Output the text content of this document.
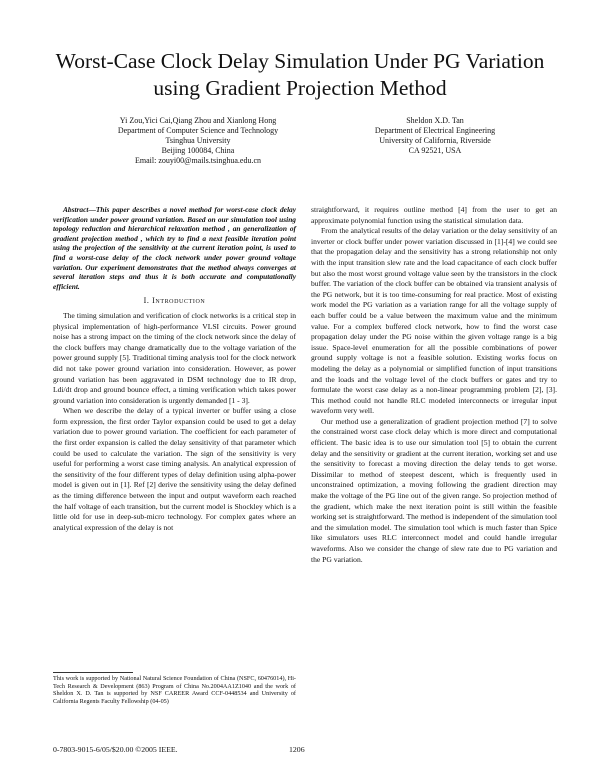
Worst-Case Clock Delay Simulation Under PG Variation using Gradient Projection Method
Yi Zou,Yici Cai,Qiang Zhou and Xianlong Hong
Department of Computer Science and Technology
Tsinghua University
Beijing 100084, China
Email: zouyi00@mails.tsinghua.edu.cn
Sheldon X.D. Tan
Department of Electrical Engineering
University of California, Riverside
CA 92521, USA

Abstract—This paper describes a novel method for worst-case clock delay verification under power ground variation. Based on our simulation tool using topology reduction and hierarchical relaxation method , an generalization of gradient projection method , which try to find a next feasible iteration point using the projection of the sensitivity at the current iteration point, is used to find a worst-case delay of the clock network under power ground voltage variation. Our experiment demonstrates that the method always converges at several iteration steps and thus it is both accurate and computationally efficient.

I. Introduction

The timing simulation and verification of clock networks is a critical step in physical implementation of high-performance VLSI circuits. Power ground noise has a strong impact on the timing of the clock network since the delay of the clock buffers may change dramatically due to the voltage variation of the power ground supply [5]. Traditional timing analysis tool for the clock network did not take power ground variation into consideration. However, as power ground variation has been aggravated in DSM technology due to IR drop, Ldi/dt drop and ground bounce effect, a timing verification which takes power ground variation into consideration is urgently demanded [1 - 3].

When we describe the delay of a typical inverter or buffer using a close form expression, the first order Taylor expansion could be used to get a delay variation due to power ground variation. The coefficient for each parameter of the first order expansion is called the delay sensitivity of that parameter which could be used to calculate the variation. The sign of the sensitivity is very useful for performing a worst case timing analysis. An analytical expression of the sensitivity of the four different types of delay definition using alpha-power model is given out in [1]. Ref [2] derive the sensitivity using the delay defined as the timing difference between the input and output waveform each reached the half voltage of each transition, but the current model is Shockley which is a little old for use in deep-sub-micro technology. For complex gates where an analytical expression of the delay is not

straightforward, it requires outline method [4] from the user to get an approximate polynomial function using the statistical simulation data.

From the analytical results of the delay variation or the delay sensitivity of an inverter or clock buffer under power variation discussed in [1]-[4] we could see that the propagation delay and the sensitivity has a strong relationship not only with the input transition slew rate and the load capacitance of each clock buffer but also the most worst ground voltage value seen by the transistors in the clock buffer. The variation of the clock buffer can be obtained via transient analysis of the PG network, but it is too time-consuming for real practice. Most of existing work model the PG variation as a variation range for all the voltage supply of each buffer could be a value between the maximum value and the minimum value. For a complex buffered clock network, how to find the worst case propagation delay under the PG noise within the given voltage range is a big issue. Space-level enumeration for all the possible combinations of power ground supply voltage is not a feasible solution. Existing works focus on modeling the delay as a polynomial or simplified function of input transitions and the loads and the voltage level of the clock buffers or gates and try to formulate the worst case delay as a non-linear programming problem [2], [3]. This method could not handle RLC modeled interconnects or irregular input waveform very well.

Our method use a generalization of gradient projection method [7] to solve the constrained worst case clock delay which is more direct and computational efficient. The basic idea is to use our simulation tool [5] to obtain the current delay and the sensitivity or gradient at the current iteration, working set and use the sensitivity to forecast a moving direction the delay tends to get worse. Dissimilar to method of steepest descent, which is frequently used in unconstrained optimization, a moving following the gradient direction may make the voltage of the PG line out of the given range. So projection method of the gradient, which make the next iteration point is still within the feasible working set is straightforward. The method is independent of the simulation tool and the simulation model. The simulation tool which is much faster than Spice like simulators uses RLC interconnect model and could handle irregular waveforms. Also we consider the change of slew rate due to PG variation and the PG variation.

This work is supported by National Natural Science Foundation of China (NSFC, 60476014), Hi-Tech Research & Development (863) Program of China No.2004AA1Z1040 and the work of Sheldon X. D. Tan is supported by NSF CAREER Award CCF-0448534 and University of California Regents Faculty Fellowship (04-05)
0-7803-9015-6/05/$20.00 ©2005 IEEE.	1206
